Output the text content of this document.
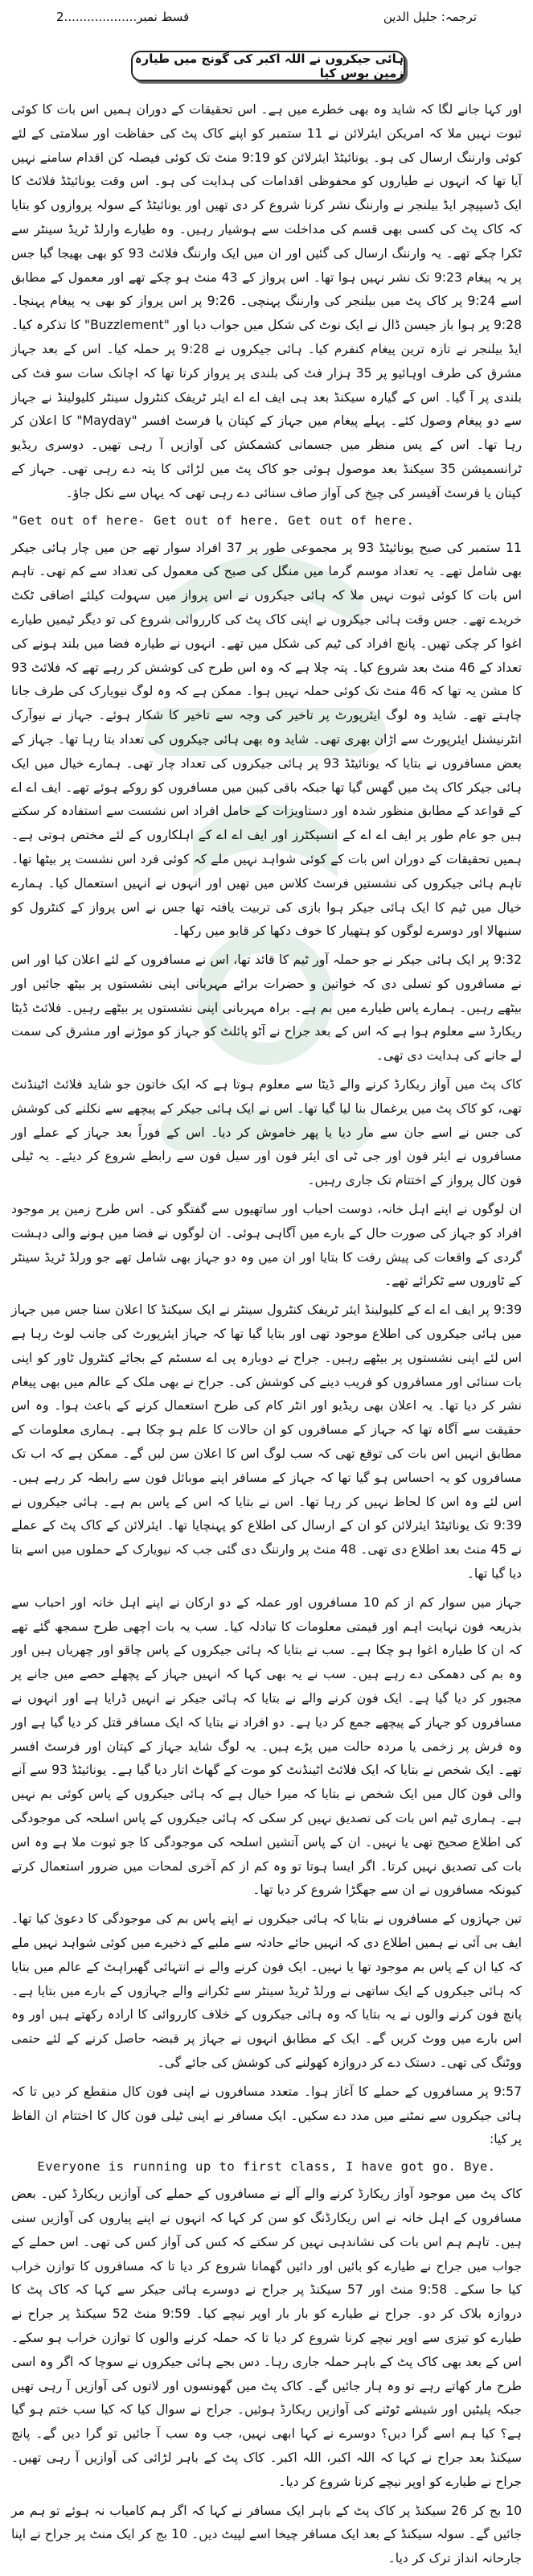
قسط نمبر...................2	ترجمہ: جلیل الدین
ہائی جیکروں نے اللہ اکبر کی گونج میں طیارہ زمین بوس کیا

اور کہا جانے لگا کہ شاید وہ بھی خطرے میں ہے۔ اس تحقیقات کے دوران ہمیں اس بات کا کوئی ثبوت نہیں ملا کہ امریکن ایئرلائن نے 11 ستمبر کو اپنے کاک پٹ کی حفاظت اور سلامتی کے لئے کوئی وارننگ ارسال کی ہو۔ یونائیٹڈ ایئرلائن کو 9:19 منٹ تک کوئی فیصلہ کن اقدام سامنے نہیں آیا تھا کہ انہوں نے طیاروں کو محفوظی اقدامات کی ہدایت کی ہو۔ اس وقت یونائیٹڈ فلائٹ کا ایک ڈسپیچر ایڈ بیلنجر نے وارننگ نشر کرنا شروع کر دی تھیں اور یونائیٹڈ کے سولہ پروازوں کو بتایا کہ کاک پٹ کی کسی بھی قسم کی مداخلت سے ہوشیار رہیں۔ وہ طیارے وارلڈ ٹریڈ سینٹر سے ٹکرا چکے تھے۔ یہ وارننگ ارسال کی گئیں اور ان میں ایک وارننگ فلائٹ 93 کو بھی بھیجا گیا جس پر یہ پیغام 9:23 تک نشر نہیں ہوا تھا۔ اس پرواز کے 43 منٹ ہو چکے تھے اور معمول کے مطابق اسے 9:24 پر کاک پٹ میں بیلنجر کی وارننگ پہنچی۔ 9:26 پر اس پرواز کو بھی یہ پیغام پہنچا۔ 9:28 پر ہوا باز جیسن ڈال نے ایک نوٹ کی شکل میں جواب دیا اور "Buzzlement" کا تذکرہ کیا۔ ایڈ بیلنجر نے تازہ ترین پیغام کنفرم کیا۔ ہائی جیکروں نے 9:28 پر حملہ کیا۔ اس کے بعد جہاز مشرق کی طرف اوہائیو پر 35 ہزار فٹ کی بلندی پر پرواز کرتا تھا کہ اچانک سات سو فٹ کی بلندی پر آ گیا۔ اس کے گیارہ سیکنڈ بعد ہی ایف اے اے ایئر ٹریفک کنٹرول سینٹر کلیولینڈ نے جہاز سے دو پیغام وصول کئے۔ پہلے پیغام میں جہاز کے کپتان یا فرسٹ افسر "Mayday" کا اعلان کر رہا تھا۔ اس کے پس منظر میں جسمانی کشمکش کی آوازیں آ رہی تھیں۔ دوسری ریڈیو ٹرانسمیشن 35 سیکنڈ بعد موصول ہوئی جو کاک پٹ میں لڑائی کا پتہ دے رہی تھی۔ جہاز کے کپتان یا فرسٹ آفیسر کی چیخ کی آواز صاف سنائی دے رہی تھی کہ یہاں سے نکل جاؤ۔

"Get out of here- Get out of here. Get out of here.

11 ستمبر کی صبح یونائیٹڈ 93 پر مجموعی طور پر 37 افراد سوار تھے جن میں چار ہائی جیکر بھی شامل تھے۔ یہ تعداد موسم گرما میں منگل کی صبح کی معمول کی تعداد سے کم تھی۔ تاہم اس بات کا کوئی ثبوت نہیں ملا کہ ہائی جیکروں نے اس پرواز میں سہولت کیلئے اضافی ٹکٹ خریدے تھے۔ جس وقت ہائی جیکروں نے اپنی کاک پٹ کی کارروائی شروع کی تو دیگر ٹیمیں طیارے اغوا کر چکی تھیں۔ پانچ افراد کی ٹیم کی شکل میں تھے۔ انہوں نے طیارہ فضا میں بلند ہونے کی تعداد کے 46 منٹ بعد شروع کیا۔ پتہ چلا ہے کہ وہ اس طرح کی کوشش کر رہے تھے کہ فلائٹ 93 کا مشن یہ تھا کہ 46 منٹ تک کوئی حملہ نہیں ہوا۔ ممکن ہے کہ وہ لوگ نیویارک کی طرف جانا چاہتے تھے۔ شاید وہ لوگ ایئرپورٹ پر تاخیر کی وجہ سے تاخیر کا شکار ہوئے۔ جہاز نے نیوآرک انٹرنیشنل ایئرپورٹ سے اڑان بھری تھی۔ شاید وہ بھی ہائی جیکروں کی تعداد بتا رہا تھا۔ جہاز کے بعض مسافروں نے بتایا کہ یونائیٹڈ 93 پر ہائی جیکروں کی تعداد چار تھی۔ ہمارے خیال میں ایک ہائی جیکر کاک پٹ میں گھس گیا تھا جبکہ باقی کیبن میں مسافروں کو روکے ہوئے تھے۔ ایف اے اے کے قواعد کے مطابق منظور شدہ اور دستاویزات کے حامل افراد اس نشست سے استفادہ کر سکتے ہیں جو عام طور پر ایف اے اے کے انسپکٹرز اور ایف اے اے کے اہلکاروں کے لئے مختص ہوتی ہے۔ ہمیں تحقیقات کے دوران اس بات کے کوئی شواہد نہیں ملے کہ کوئی فرد اس نشست پر بیٹھا تھا۔ تاہم ہائی جیکروں کی نشستیں فرسٹ کلاس میں تھیں اور انہوں نے انہیں استعمال کیا۔ ہمارے خیال میں ٹیم کا ایک ہائی جیکر ہوا بازی کی تربیت یافتہ تھا جس نے اس پرواز کے کنٹرول کو سنبھالا اور دوسرے لوگوں کو ہتھیار کا خوف دکھا کر قابو میں رکھا۔

9:32 پر ایک ہائی جیکر نے جو حملہ آور ٹیم کا قائد تھا، اس نے مسافروں کے لئے اعلان کیا اور اس نے مسافروں کو تسلی دی کہ خواتین و حضرات برائے مہربانی اپنی نشستوں پر بیٹھ جائیں اور بیٹھے رہیں۔ ہمارے پاس طیارے میں بم ہے۔ براہ مہربانی اپنی نشستوں پر بیٹھے رہیں۔ فلائٹ ڈیٹا ریکارڈ سے معلوم ہوا ہے کہ اس کے بعد جراح نے آٹو پائلٹ کو جہاز کو موڑنے اور مشرق کی سمت لے جانے کی ہدایت دی تھی۔

کاک پٹ میں آواز ریکارڈ کرنے والے ڈیٹا سے معلوم ہوتا ہے کہ ایک خاتون جو شاید فلائٹ اٹینڈنٹ تھی، کو کاک پٹ میں یرغمال بنا لیا گیا تھا۔ اس نے ایک ہائی جیکر کے پیچھے سے نکلنے کی کوشش کی جس نے اسے جان سے مار دیا یا پھر خاموش کر دیا۔ اس کے فوراً بعد جہاز کے عملے اور مسافروں نے ایئر فون اور جی ٹی ای ایئر فون اور سیل فون سے رابطے شروع کر دیئے۔ یہ ٹیلی فون کال پرواز کے اختتام تک جاری رہیں۔

ان لوگوں نے اپنے اہل خانہ، دوست احباب اور ساتھیوں سے گفتگو کی۔ اس طرح زمین پر موجود افراد کو جہاز کی صورت حال کے بارے میں آگاہی ہوئی۔ ان لوگوں نے فضا میں ہونے والی دہشت گردی کے واقعات کی پیش رفت کا بتایا اور ان میں وہ دو جہاز بھی شامل تھے جو ورلڈ ٹریڈ سینٹر کے ٹاوروں سے ٹکرائے تھے۔

9:39 پر ایف اے اے کے کلیولینڈ ایئر ٹریفک کنٹرول سینٹر نے ایک سیکنڈ کا اعلان سنا جس میں جہاز میں ہائی جیکروں کی اطلاع موجود تھی اور بتایا گیا تھا کہ جہاز ایئرپورٹ کی جانب لوٹ رہا ہے اس لئے اپنی نشستوں پر بیٹھے رہیں۔ جراح نے دوبارہ پی اے سسٹم کے بجائے کنٹرول ٹاور کو اپنی بات سنائی اور مسافروں کو فریب دینے کی کوشش کی۔ جراح نے بھی ملک کے عالم میں بھی پیغام نشر کر دیا تھا۔ یہ اعلان بھی ریڈیو اور انٹر کام کی طرح استعمال کرنے کے باعث ہوا۔ وہ اس حقیقت سے آگاہ تھا کہ جہاز کے مسافروں کو ان حالات کا علم ہو چکا ہے۔ ہماری معلومات کے مطابق انہیں اس بات کی توقع تھی کہ سب لوگ اس کا اعلان سن لیں گے۔ ممکن ہے کہ اب تک مسافروں کو یہ احساس ہو گیا تھا کہ جہاز کے مسافر اپنے موبائل فون سے رابطہ کر رہے ہیں۔ اس لئے وہ اس کا لحاظ نہیں کر رہا تھا۔ اس نے بتایا کہ اس کے پاس بم ہے۔ ہائی جیکروں نے 9:39 تک یونائیٹڈ ایئرلائن کو ان کے ارسال کی اطلاع کو پہنچایا تھا۔ ایئرلائن کے کاک پٹ کے عملے نے 45 منٹ بعد اطلاع دی تھی۔ 48 منٹ پر وارننگ دی گئی جب کہ نیویارک کے حملوں میں اسے بتا دیا گیا تھا۔

جہاز میں سوار کم از کم 10 مسافروں اور عملہ کے دو ارکان نے اپنے اہل خانہ اور احباب سے بذریعہ فون نہایت اہم اور قیمتی معلومات کا تبادلہ کیا۔ سب یہ بات اچھی طرح سمجھ گئے تھے کہ ان کا طیارہ اغوا ہو چکا ہے۔ سب نے بتایا کہ ہائی جیکروں کے پاس چاقو اور چھریاں ہیں اور وہ بم کی دھمکی دے رہے ہیں۔ سب نے یہ بھی کہا کہ انہیں جہاز کے پچھلے حصے میں جانے پر مجبور کر دیا گیا ہے۔ ایک فون کرنے والے نے بتایا کہ ہائی جیکر نے انہیں ڈرایا ہے اور انہوں نے مسافروں کو جہاز کے پیچھے جمع کر دیا ہے۔ دو افراد نے بتایا کہ ایک مسافر قتل کر دیا گیا ہے اور وہ فرش پر زخمی یا مردہ حالت میں پڑے ہیں۔ یہ لوگ شاید جہاز کے کپتان اور فرسٹ افسر تھے۔ ایک شخص نے بتایا کہ ایک فلائٹ اٹینڈنٹ کو موت کے گھاٹ اتار دیا گیا ہے۔ یونائیٹڈ 93 سے آنے والی فون کال میں ایک شخص نے بتایا کہ میرا خیال ہے کہ ہائی جیکروں کے پاس کوئی بم نہیں ہے۔ ہماری ٹیم اس بات کی تصدیق نہیں کر سکی کہ ہائی جیکروں کے پاس اسلحہ کی موجودگی کی اطلاع صحیح تھی یا نہیں۔ ان کے پاس آتشیں اسلحہ کی موجودگی کا جو ثبوت ملا ہے وہ اس بات کی تصدیق نہیں کرتا۔ اگر ایسا ہوتا تو وہ کم از کم آخری لمحات میں ضرور استعمال کرتے کیونکہ مسافروں نے ان سے جھگڑا شروع کر دیا تھا۔

تین جہازوں کے مسافروں نے بتایا کہ ہائی جیکروں نے اپنے پاس بم کی موجودگی کا دعویٰ کیا تھا۔ ایف بی آئی نے ہمیں اطلاع دی کہ انہیں جائے حادثہ سے ملبے کے ذخیرے میں کوئی شواہد نہیں ملے کہ کیا ان کے پاس بم موجود تھا یا نہیں۔ ایک فون کرنے والے نے انتہائی گھبراہٹ کے عالم میں بتایا کہ ہائی جیکروں کے ایک ساتھی نے ورلڈ ٹریڈ سینٹر سے ٹکرانے والے جہازوں کے بارے میں بتایا ہے۔ پانچ فون کرنے والوں نے یہ بتایا کہ وہ ہائی جیکروں کے خلاف کارروائی کا ارادہ رکھتے ہیں اور وہ اس بارے میں ووٹ کریں گے۔ ایک کے مطابق انہوں نے جہاز پر قبضہ حاصل کرنے کے لئے حتمی ووٹنگ کی تھی۔ دستک دے کر دروازہ کھولنے کی کوشش کی جائے گی۔

9:57 پر مسافروں کے حملے کا آغاز ہوا۔ متعدد مسافروں نے اپنی فون کال منقطع کر دیں تا کہ ہائی جیکروں سے نمٹنے میں مدد دے سکیں۔ ایک مسافر نے اپنی ٹیلی فون کال کا اختتام ان الفاظ پر کیا:

Everyone is running up to first class, I have got go. Bye.

کاک پٹ میں موجود آواز ریکارڈ کرنے والے آلے نے مسافروں کے حملے کی آوازیں ریکارڈ کیں۔ بعض مسافروں کے اہل خانہ نے اس ریکارڈنگ کو سن کر کہا کہ انہوں نے اپنے پیاروں کی آوازیں سنی ہیں۔ تاہم ہم اس بات کی نشاندہی نہیں کر سکتے کہ کس کی آواز کس کی تھی۔ اس حملے کے جواب میں جراح نے طیارے کو بائیں اور دائیں گھمانا شروع کر دیا تا کہ مسافروں کا توازن خراب کیا جا سکے۔ 9:58 منٹ اور 57 سیکنڈ پر جراح نے دوسرے ہائی جیکر سے کہا کہ کاک پٹ کا دروازہ بلاک کر دو۔ جراح نے طیارے کو بار بار اوپر نیچے کیا۔ 9:59 منٹ 52 سیکنڈ پر جراح نے طیارے کو تیزی سے اوپر نیچے کرنا شروع کر دیا تا کہ حملہ کرنے والوں کا توازن خراب ہو سکے۔ اس کے بعد بھی کاک پٹ کے باہر حملہ جاری رہا۔ دس بجے ہائی جیکروں نے سوچا کہ اگر وہ اسی طرح مار کھاتے رہے تو وہ ہار جائیں گے۔ کاک پٹ میں گھونسوں اور لاتوں کی آوازیں آ رہی تھیں جبکہ پلیٹیں اور شیشے ٹوٹنے کی آوازیں ریکارڈ ہوئیں۔ جراح نے سوال کیا کہ کیا سب ختم ہو گیا ہے؟ کیا ہم اسے گرا دیں؟ دوسرے نے کہا ابھی نہیں، جب وہ سب آ جائیں تو گرا دیں گے۔ پانچ سیکنڈ بعد جراح نے کہا کہ اللہ اکبر، اللہ اکبر۔ کاک پٹ کے باہر لڑائی کی آوازیں آ رہی تھیں۔ جراح نے طیارے کو اوپر نیچے کرنا شروع کر دیا۔

10 بج کر 26 سیکنڈ پر کاک پٹ کے باہر ایک مسافر نے کہا کہ اگر ہم کامیاب نہ ہوئے تو ہم مر جائیں گے۔ سولہ سیکنڈ کے بعد ایک مسافر چیخا اسے لپیٹ دیں۔ 10 بج کر ایک منٹ پر جراح نے اپنا جارحانہ انداز ترک کر دیا۔
